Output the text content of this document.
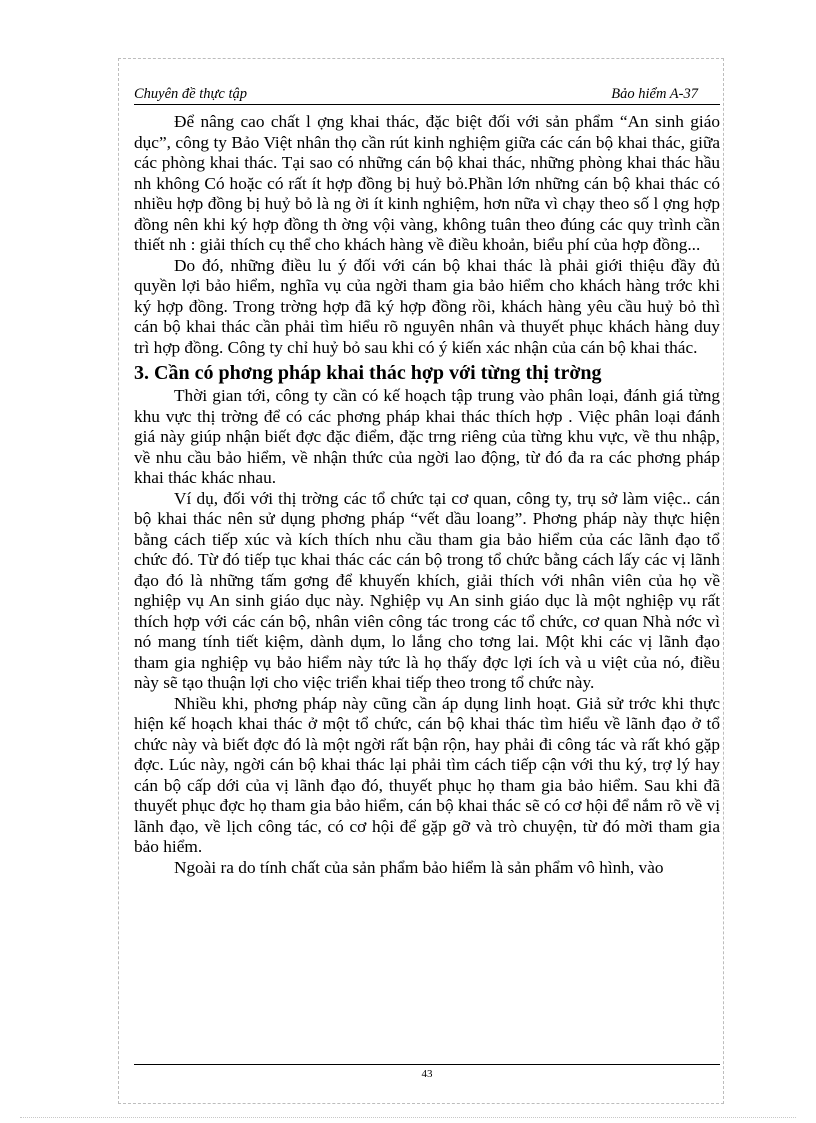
Chuyên đề thực tập	Bảo hiểm A-37

Để nâng cao chất l ợng khai thác, đặc biệt đối với sản phẩm “An sinh giáo dục”, công ty Bảo Việt nhân thọ cần rút kinh nghiệm giữa các cán bộ khai thác, giữa các phòng khai thác. Tại sao có những cán bộ khai thác, những phòng khai thác hầu nh không Có hoặc có rất ít hợp đồng bị huỷ bỏ.Phần lớn những cán bộ khai thác có nhiều hợp đồng bị huỷ bỏ là ng ời ít kinh nghiệm, hơn nữa vì chạy theo số l ợng hợp đồng nên khi ký hợp đồng th ờng vội vàng, không tuân theo đúng các quy trình cần thiết nh : giải thích cụ thể cho khách hàng về điều khoản, biểu phí của hợp đồng...

Do đó, những điều lu ý đối với cán bộ khai thác là phải giới thiệu đầy đủ quyền lợi bảo hiểm, nghĩa vụ của ngời tham gia bảo hiểm cho khách hàng trớc khi ký hợp đồng. Trong trờng hợp đã ký hợp đồng rồi, khách hàng yêu cầu huỷ bỏ thì cán bộ khai thác cần phải tìm hiểu rõ nguyên nhân và thuyết phục khách hàng duy trì hợp đồng. Công ty chỉ huỷ bỏ sau khi có ý kiến xác nhận của cán bộ khai thác.

3. Cần có phơng pháp khai thác hợp với từng thị trờng

Thời gian tới, công ty cần có kế hoạch tập trung vào phân loại, đánh giá từng khu vực thị trờng để có các phơng pháp khai thác thích hợp . Việc phân loại đánh giá này giúp nhận biết đợc đặc điểm, đặc trng riêng của từng khu vực, về thu nhập, về nhu cầu bảo hiểm, về nhận thức của ngời lao động, từ đó đa ra các phơng pháp khai thác khác nhau.

Ví dụ, đối với thị trờng các tổ chức tại cơ quan, công ty, trụ sở làm việc.. cán bộ khai thác nên sử dụng phơng pháp “vết dầu loang”. Phơng pháp này thực hiện bằng cách tiếp xúc và kích thích nhu cầu tham gia bảo hiểm của các lãnh đạo tổ chức đó. Từ đó tiếp tục khai thác các cán bộ trong tổ chức bằng cách lấy các vị lãnh đạo đó là những tấm gơng để khuyến khích, giải thích với nhân viên của họ về nghiệp vụ An sinh giáo dục này. Nghiệp vụ An sinh giáo dục là một nghiệp vụ rất thích hợp với các cán bộ, nhân viên công tác trong các tổ chức, cơ quan Nhà nớc vì nó mang tính tiết kiệm, dành dụm, lo lắng cho tơng lai. Một khi các vị lãnh đạo tham gia nghiệp vụ bảo hiểm này tức là họ thấy đợc lợi ích và u việt của nó, điều này sẽ tạo thuận lợi cho việc triển khai tiếp theo trong tổ chức này.

Nhiều khi, phơng pháp này cũng cần áp dụng linh hoạt. Giả sử trớc khi thực hiện kế hoạch khai thác ở một tổ chức, cán bộ khai thác tìm hiểu về lãnh đạo ở tổ chức này và biết đợc đó là một ngời rất bận rộn, hay phải đi công tác và rất khó gặp đợc. Lúc này, ngời cán bộ khai thác lại phải tìm cách tiếp cận với thu ký, trợ lý hay cán bộ cấp dới của vị lãnh đạo đó, thuyết phục họ tham gia bảo hiểm. Sau khi đã thuyết phục đợc họ tham gia bảo hiểm, cán bộ khai thác sẽ có cơ hội để nắm rõ về vị lãnh đạo, về lịch công tác, có cơ hội để gặp gỡ và trò chuyện, từ đó mời tham gia bảo hiểm.

Ngoài ra do tính chất của sản phẩm bảo hiểm là sản phẩm vô hình, vào

43
